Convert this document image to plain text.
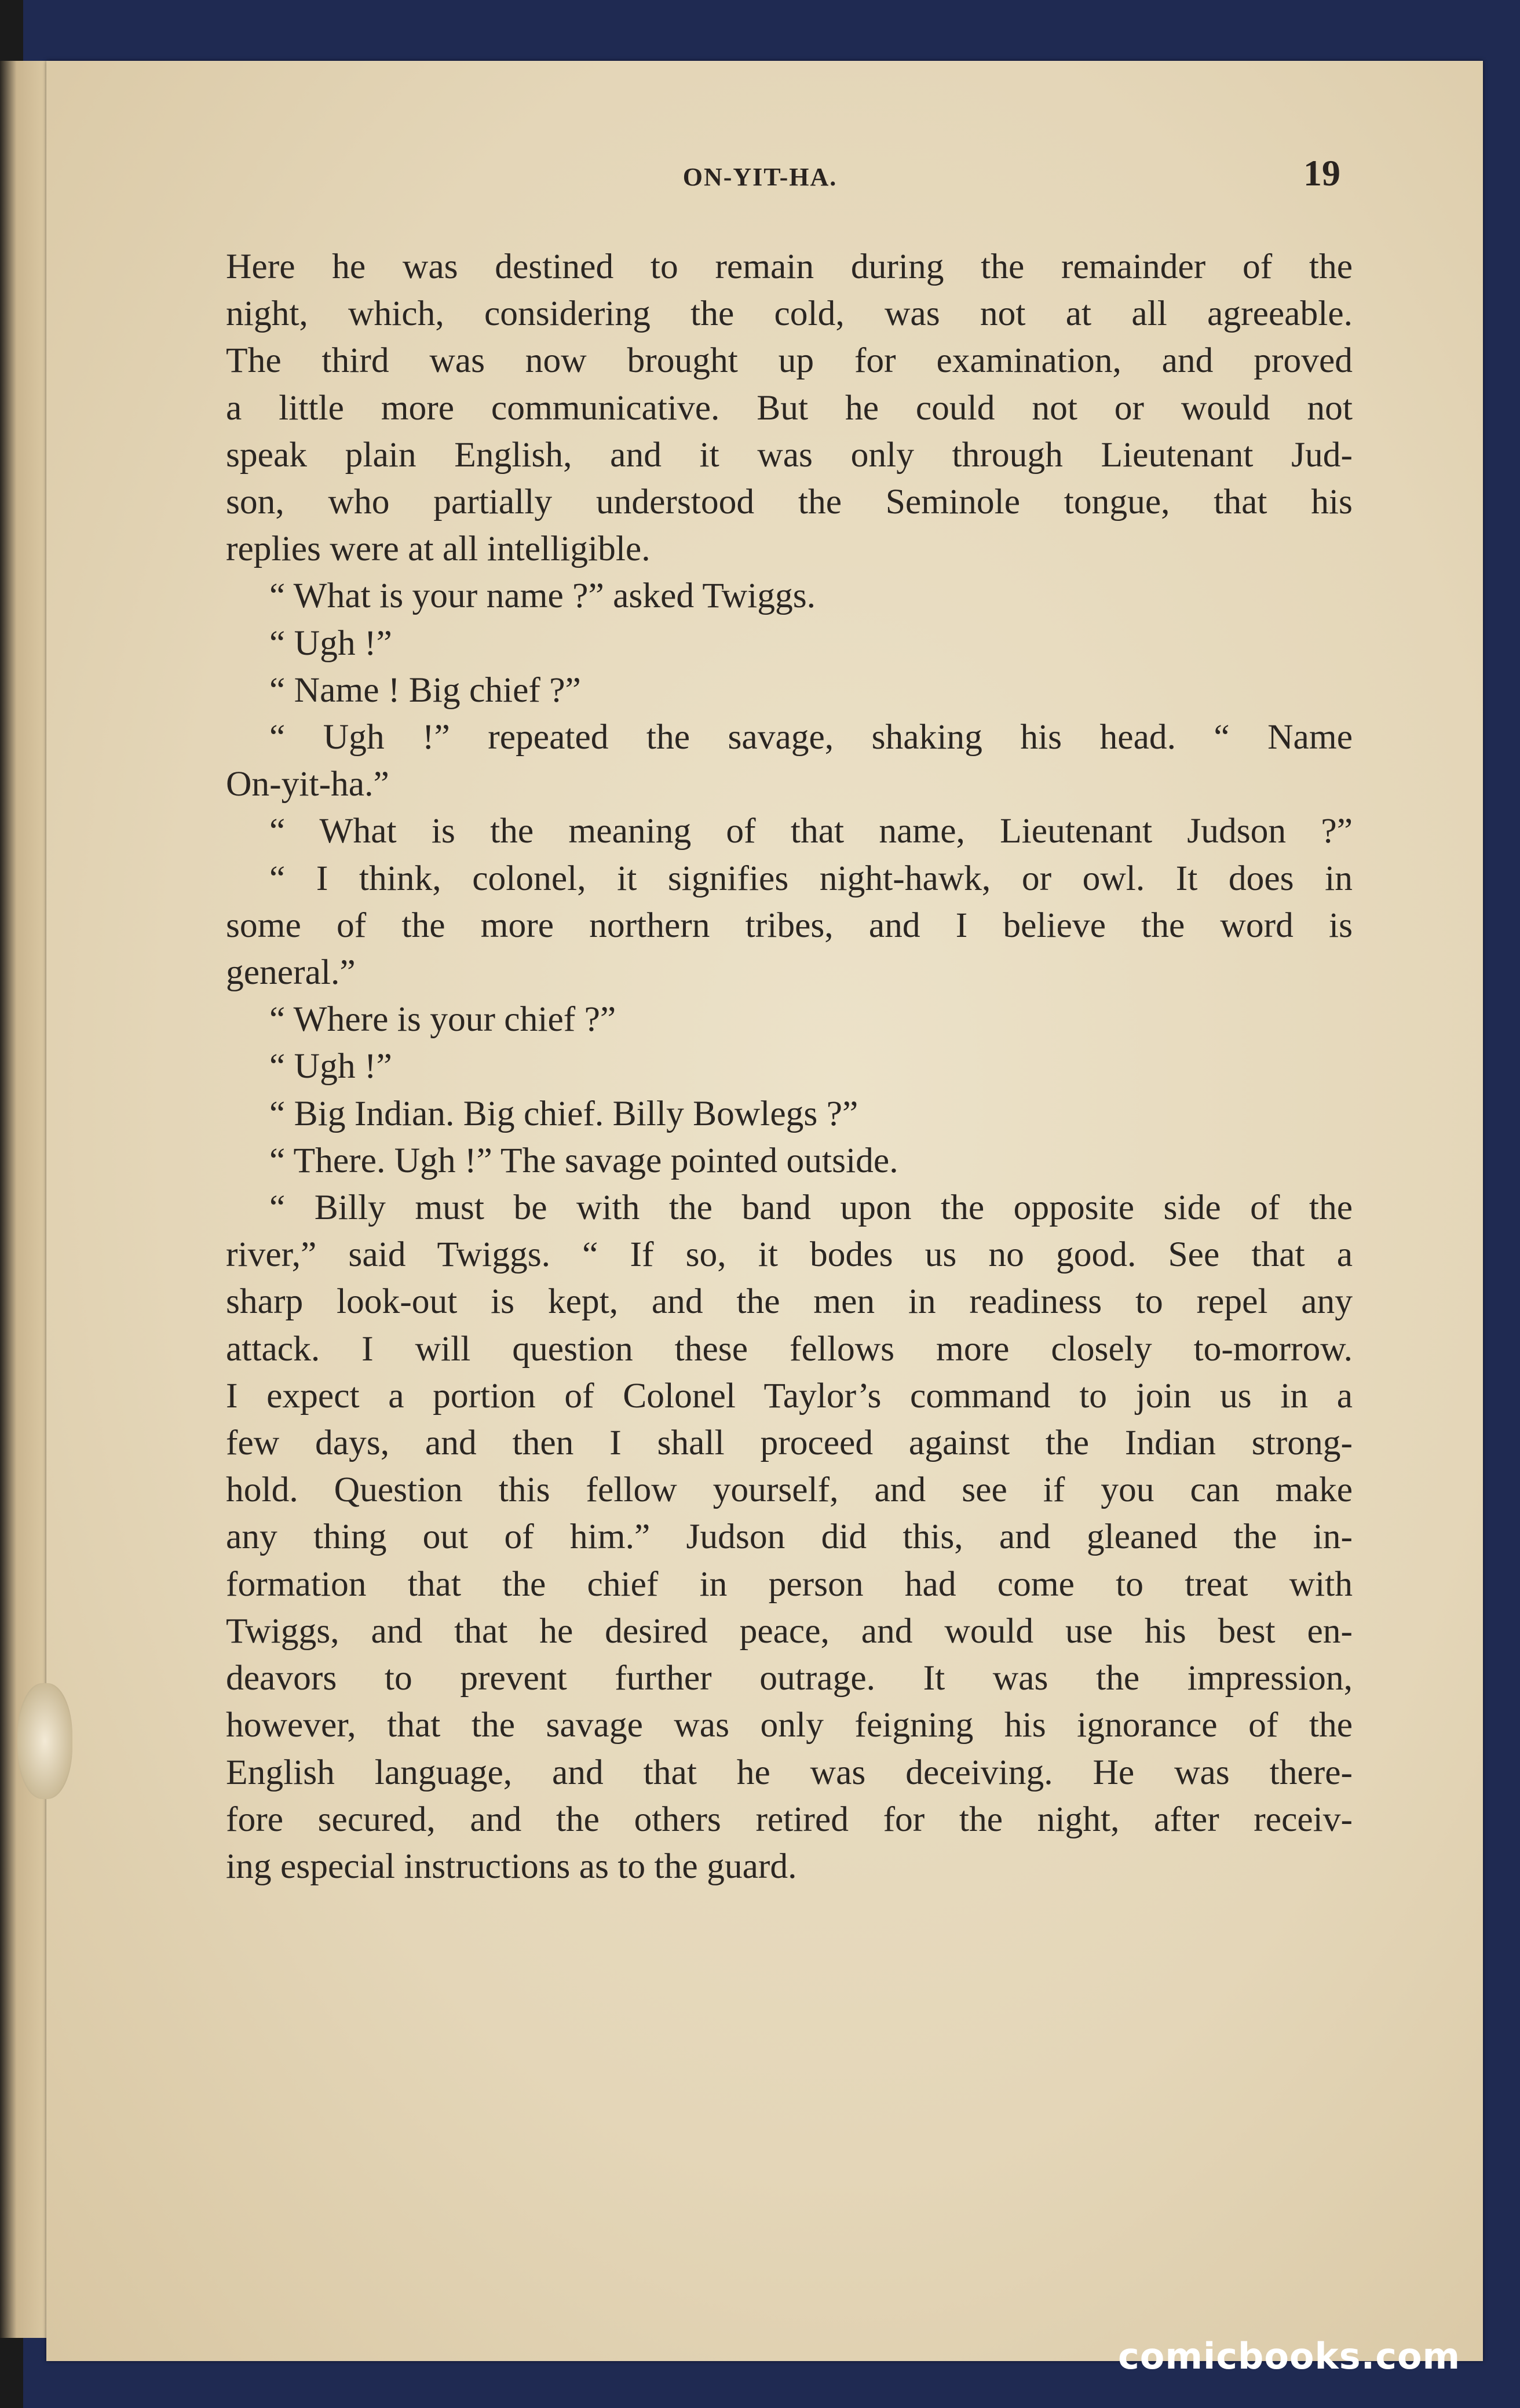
ON-YIT-HA.	19
Here he was destined to remain during the remainder of the
night, which, considering the cold, was not at all agreeable.
The third was now brought up for examination, and proved
a little more communicative. But he could not or would not
speak plain English, and it was only through Lieutenant Jud-
son, who partially understood the Seminole tongue, that his
replies were at all intelligible.
“ What is your name ?” asked Twiggs.
“ Ugh !”
“ Name ! Big chief ?”
“ Ugh !” repeated the savage, shaking his head. “ Name
On-yit-ha.”
“ What is the meaning of that name, Lieutenant Judson ?”
“ I think, colonel, it signifies night-hawk, or owl. It does in
some of the more northern tribes, and I believe the word is
general.”
“ Where is your chief ?”
“ Ugh !”
“ Big Indian. Big chief. Billy Bowlegs ?”
“ There. Ugh !” The savage pointed outside.
“ Billy must be with the band upon the opposite side of the
river,” said Twiggs. “ If so, it bodes us no good. See that a
sharp look-out is kept, and the men in readiness to repel any
attack. I will question these fellows more closely to-morrow.
I expect a portion of Colonel Taylor’s command to join us in a
few days, and then I shall proceed against the Indian strong-
hold. Question this fellow yourself, and see if you can make
any thing out of him.” Judson did this, and gleaned the in-
formation that the chief in person had come to treat with
Twiggs, and that he desired peace, and would use his best en-
deavors to prevent further outrage. It was the impression,
however, that the savage was only feigning his ignorance of the
English language, and that he was deceiving. He was there-
fore secured, and the others retired for the night, after receiv-
ing especial instructions as to the guard.
comicbooks.com
